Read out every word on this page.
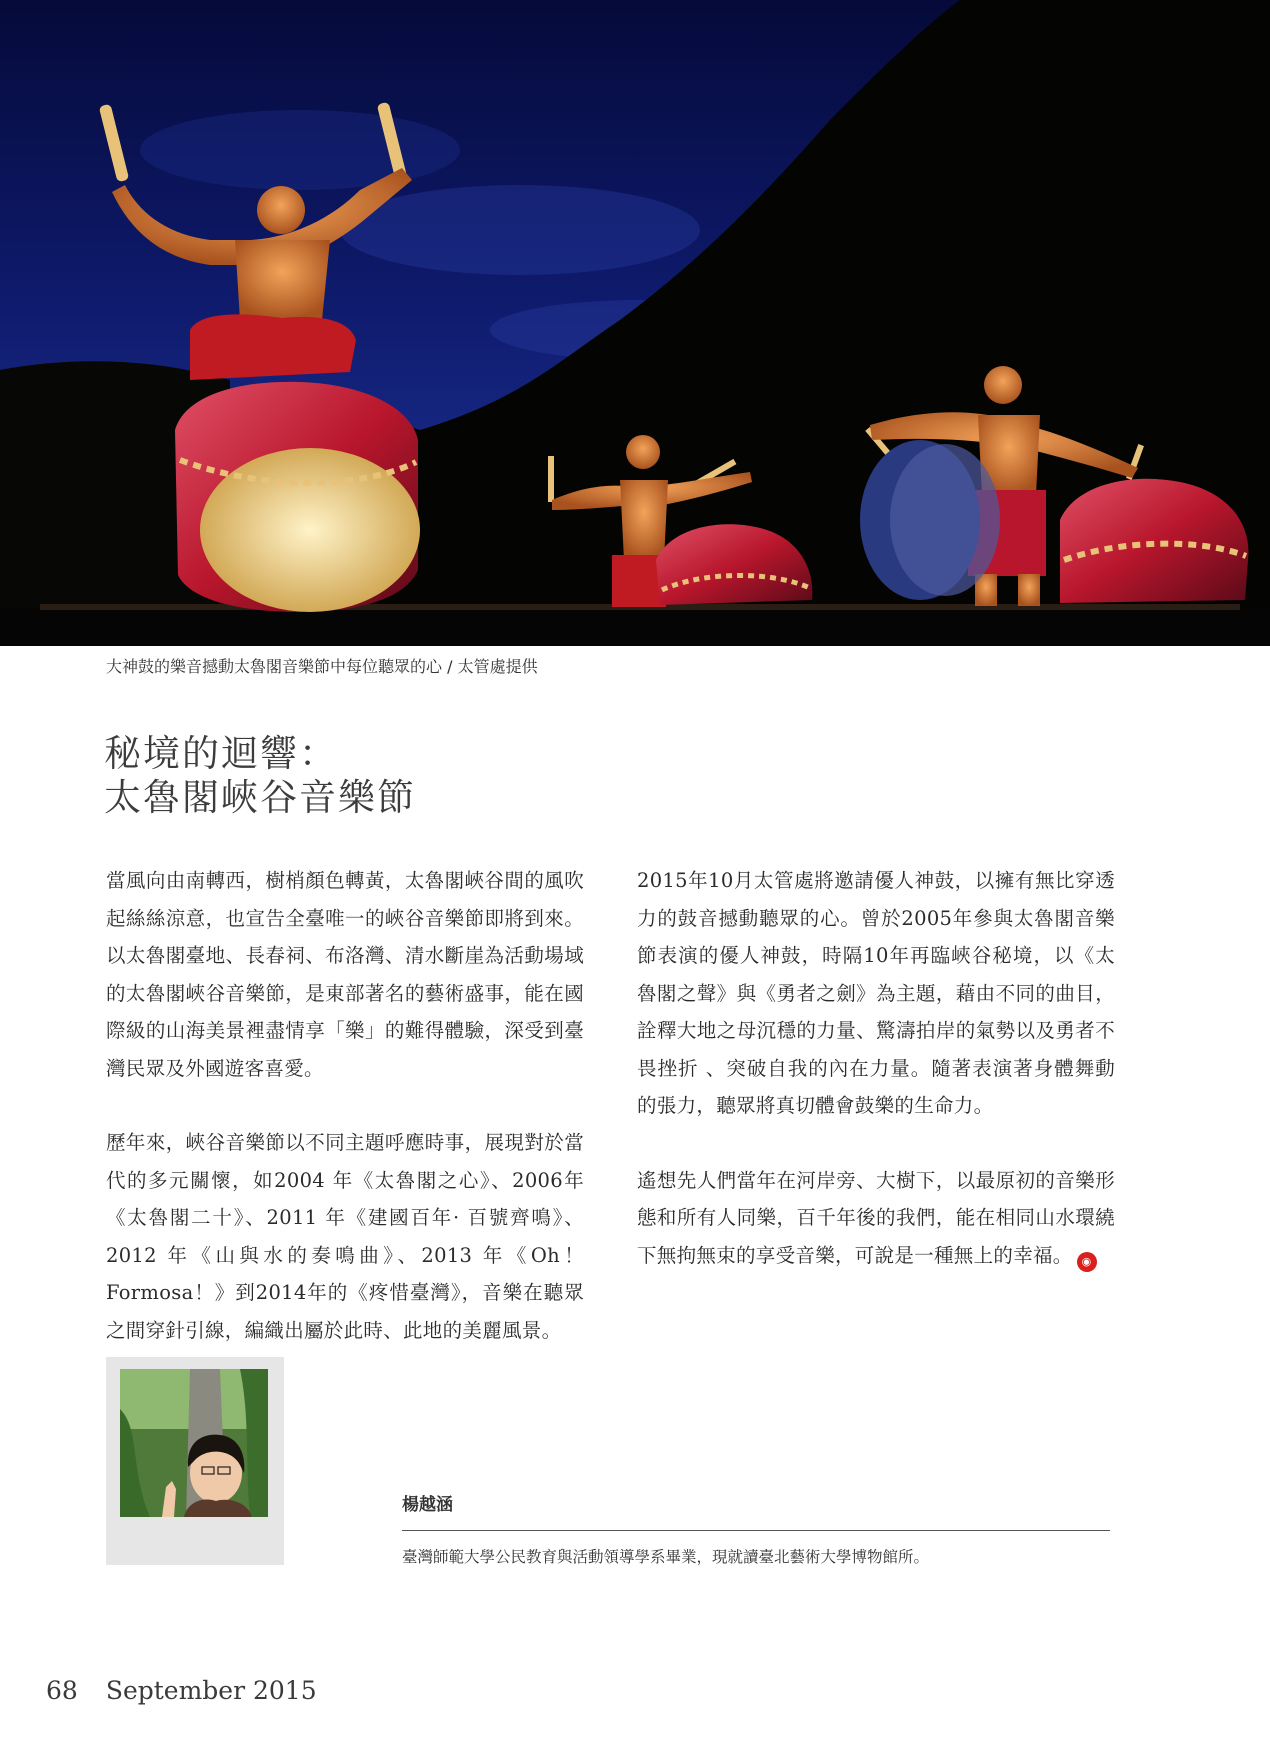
大神鼓的樂音撼動太魯閣音樂節中每位聽眾的心 / 太管處提供
秘境的迴響：
太魯閣峽谷音樂節

當風向由南轉西，樹梢顏色轉黃，太魯閣峽谷間的風吹起絲絲涼意，也宣告全臺唯一的峽谷音樂節即將到來。以太魯閣臺地、長春祠、布洛灣、清水斷崖為活動場域的太魯閣峽谷音樂節，是東部著名的藝術盛事，能在國際級的山海美景裡盡情享「樂」的難得體驗，深受到臺灣民眾及外國遊客喜愛。

歷年來，峽谷音樂節以不同主題呼應時事，展現對於當代的多元關懷，如2004 年《太魯閣之心》、2006年《太魯閣二十》、2011 年《建國百年· 百號齊鳴》、2012 年《山與水的奏鳴曲》、2013 年《Oh！Formosa！》到2014年的《疼惜臺灣》，音樂在聽眾之間穿針引線，編織出屬於此時、此地的美麗風景。

2015年10月太管處將邀請優人神鼓，以擁有無比穿透力的鼓音撼動聽眾的心。曾於2005年參與太魯閣音樂節表演的優人神鼓，時隔10年再臨峽谷秘境，以《太魯閣之聲》與《勇者之劍》為主題，藉由不同的曲目，詮釋大地之母沉穩的力量、驚濤拍岸的氣勢以及勇者不畏挫折 、突破自我的內在力量。隨著表演著身體舞動的張力，聽眾將真切體會鼓樂的生命力。

遙想先人們當年在河岸旁、大樹下，以最原初的音樂形態和所有人同樂，百千年後的我們，能在相同山水環繞下無拘無束的享受音樂，可說是一種無上的幸福。 ◉

楊越涵
臺灣師範大學公民教育與活動領導學系畢業，現就讀臺北藝術大學博物館所。
68 September 2015
